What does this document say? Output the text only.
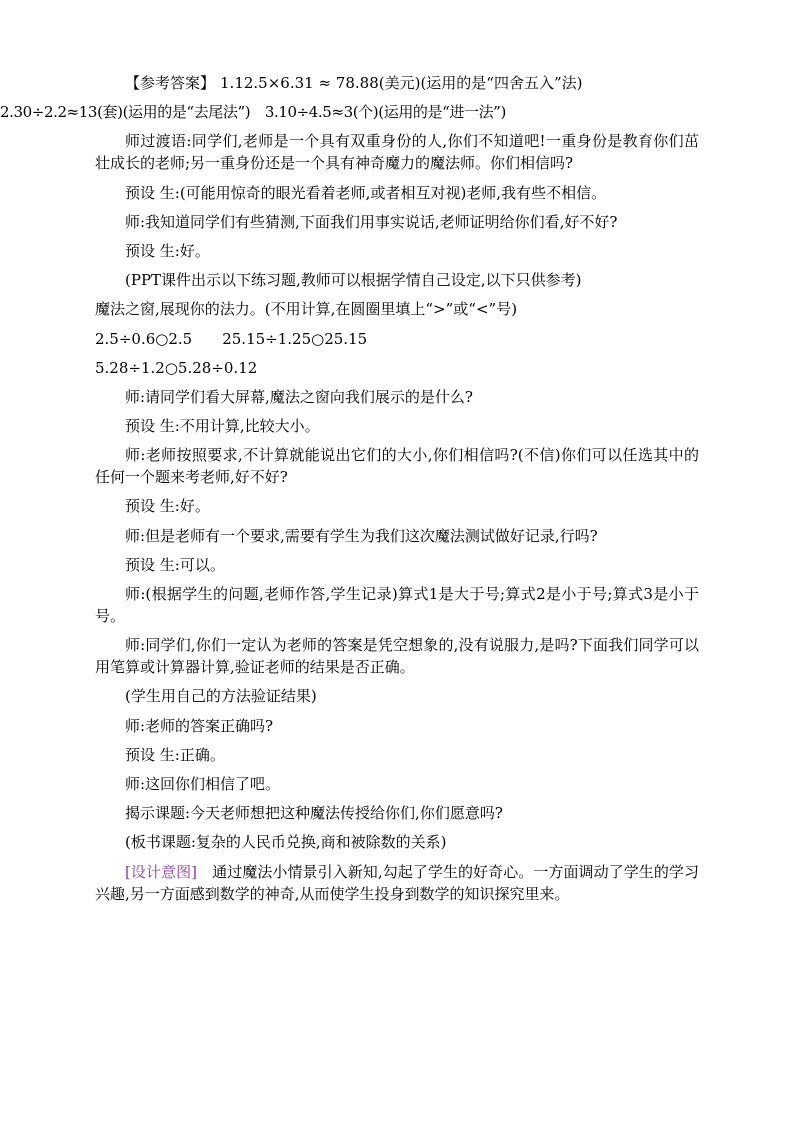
【参考答案】 1.12.5×6.31 ≈ 78.88(美元)(运用的是“四舍五入”法)
2.30÷2.2≈13(套)(运用的是“去尾法”)　3.10÷4.5≈3(个)(运用的是“进一法”)
师过渡语:同学们,老师是一个具有双重身份的人,你们不知道吧!一重身份是教育你们茁壮成长的老师;另一重身份还是一个具有神奇魔力的魔法师。你们相信吗?
预设 生:(可能用惊奇的眼光看着老师,或者相互对视)老师,我有些不相信。
师:我知道同学们有些猜测,下面我们用事实说话,老师证明给你们看,好不好?
预设 生:好。
(PPT课件出示以下练习题,教师可以根据学情自己设定,以下只供参考)
魔法之窗,展现你的法力。(不用计算,在圆圈里填上“>”或“<”号)
2.5÷0.6○2.5　　25.15÷1.25○25.15
5.28÷1.2○5.28÷0.12
师:请同学们看大屏幕,魔法之窗向我们展示的是什么?
预设 生:不用计算,比较大小。
师:老师按照要求,不计算就能说出它们的大小,你们相信吗?(不信)你们可以任选其中的任何一个题来考老师,好不好?
预设 生:好。
师:但是老师有一个要求,需要有学生为我们这次魔法测试做好记录,行吗?
预设 生:可以。
师:(根据学生的问题,老师作答,学生记录)算式1是大于号;算式2是小于号;算式3是小于号。
师:同学们,你们一定认为老师的答案是凭空想象的,没有说服力,是吗?下面我们同学可以用笔算或计算器计算,验证老师的结果是否正确。
(学生用自己的方法验证结果)
师:老师的答案正确吗?
预设 生:正确。
师:这回你们相信了吧。
揭示课题:今天老师想把这种魔法传授给你们,你们愿意吗?
(板书课题:复杂的人民币兑换,商和被除数的关系)
[设计意图]　 通过魔法小情景引入新知,勾起了学生的好奇心。一方面调动了学生的学习兴趣,另一方面感到数学的神奇,从而使学生投身到数学的知识探究里来。
